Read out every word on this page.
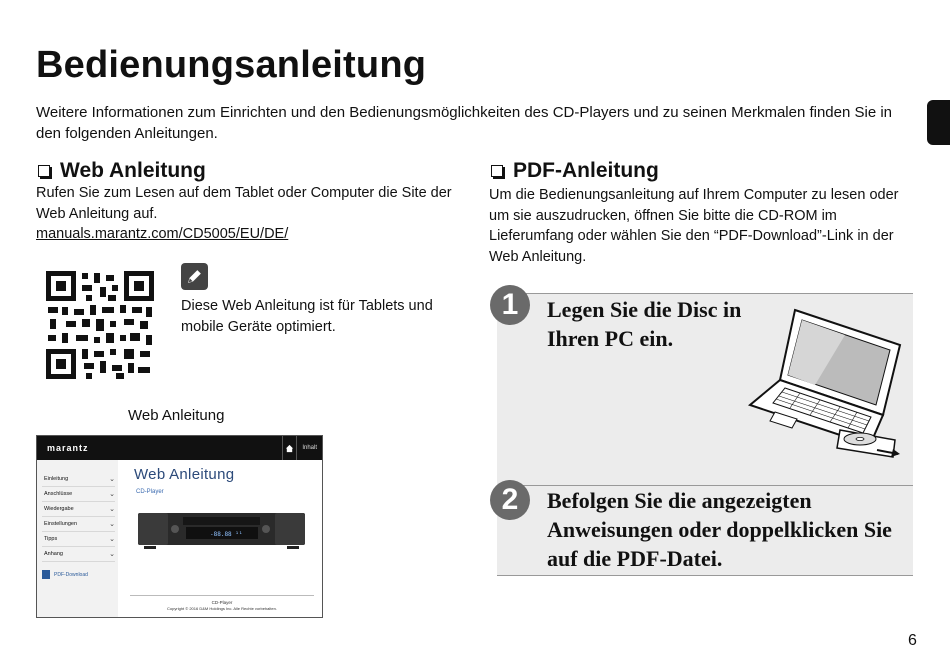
Bedienungsanleitung
Weitere Informationen zum Einrichten und den Bedienungsmöglichkeiten des CD-Players und zu seinen Merkmalen finden Sie in den folgenden Anleitungen.
Web Anleitung
Rufen Sie zum Lesen auf dem Tablet oder Computer die Site der Web Anleitung auf.
manuals.marantz.com/CD5005/EU/DE/
Diese Web Anleitung ist für Tablets und mobile Geräte optimiert.
Web Anleitung
marantz	Inhalt
Einleitung	⌄
Anschlüsse	⌄
Wiedergabe	⌄
Einstellungen	⌄
Tipps	⌄
Anhang	⌄
PDF-Download
Web Anleitung
CD-Player
-88.88 ¹¹
CD-Player
Copyright © 2016 D&M Holdings Inc. Alle Rechte vorbehalten.
PDF-Anleitung
Um die Bedienungsanleitung auf Ihrem Computer zu lesen oder um sie auszudrucken, öffnen Sie bitte die CD-ROM im Lieferumfang oder wählen Sie den “PDF-Download”-Link in der Web Anleitung.
1	Legen Sie die Disc in Ihren PC ein.
2	Befolgen Sie die angezeigten Anweisungen oder doppelklicken Sie auf die PDF-Datei.
6
